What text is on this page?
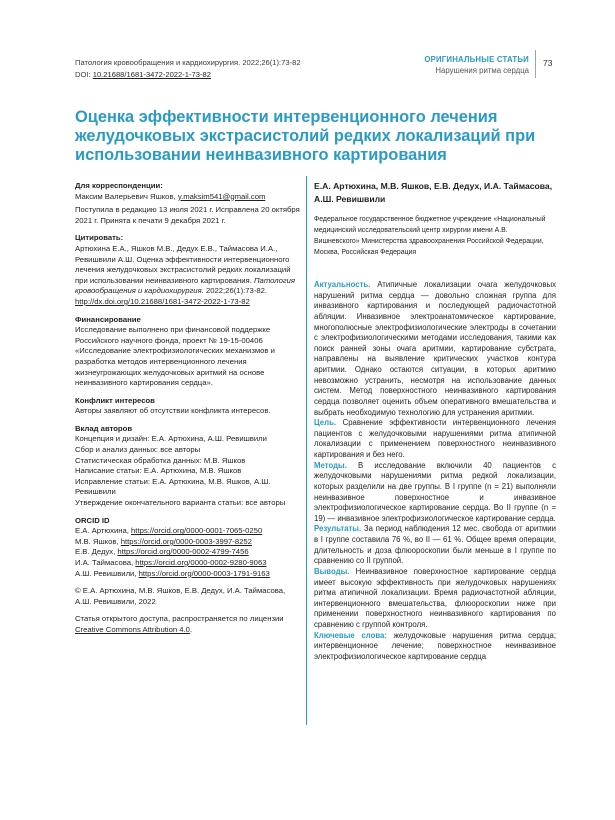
Патология кровообращения и кардиохирургия. 2022;26(1):73-82
DOI: 10.21688/1681-3472-2022-1-73-82
ОРИГИНАЛЬНЫЕ СТАТЬИ
Нарушения ритма сердца
73
Оценка эффективности интервенционного лечения желудочковых экстрасистолий редких локализаций при использовании неинвазивного картирования

Для корреспонденции:

Максим Валерьевич Яшков, y.maksim541@gmail.com

Поступила в редакцию 13 июля 2021 г. Исправлена 20 октября 2021 г. Принята к печати 9 декабря 2021 г.

Цитировать:

Артюхина Е.А., Яшков М.В., Дедух Е.В., Таймасова И.А., Ревишвили А.Ш. Оценка эффективности интервенционного лечения желудочковых экстрасистолий редких локализаций при использовании неинвазивного картирования. Патология кровообращения и кардиохирургия. 2022;26(1):73-82. http://dx.doi.org/10.21688/1681-3472-2022-1-73-82

Финансирование

Исследование выполнено при финансовой поддержке Российского научного фонда, проект № 19-15-00406 «Исследование электрофизиологических механизмов и разработка методов интервенционного лечения жизнеугрожающих желудочковых аритмий на основе неинвазивного картирования сердца».

Конфликт интересов

Авторы заявляют об отсутствии конфликта интересов.

Вклад авторов

Концепция и дизайн: Е.А. Артюхина, А.Ш. Ревишвили

Сбор и анализ данных: все авторы

Статистическая обработка данных: М.В. Яшков

Написание статьи: Е.А. Артюхина, М.В. Яшков

Исправление статьи: Е.А. Артюхина, М.В. Яшков, А.Ш. Ревишвили

Утверждение окончательного варианта статьи: все авторы

ORCID ID

Е.А. Артюхина, https://orcid.org/0000-0001-7065-0250

М.В. Яшков, https://orcid.org/0000-0003-3997-8252

Е.В. Дедух, https://orcid.org/0000-0002-4799-7456

И.А. Таймасова, https://orcid.org/0000-0002-9280-9063

А.Ш. Ревишвили, https://orcid.org/0000-0003-1791-9163

© Е.А. Артюхина, М.В. Яшков, Е.В. Дедух, И.А. Таймасова, А.Ш. Ревишвили, 2022

Статья открытого доступа, распространяется по лицензии Creative Commons Attribution 4.0.

Е.А. Артюхина, М.В. Яшков, Е.В. Дедух, И.А. Таймасова, А.Ш. Ревишвили
Федеральное государственное бюджетное учреждение «Национальный медицинский исследовательский центр хирургии имени А.В. Вишневского» Министерства здравоохранения Российской Федерации, Москва, Российская Федерация

Актуальность. Атипичные локализации очага желудочковых нарушений ритма сердца — довольно сложная группа для инвазивного картирования и последующей радиочастотной абляции. Инвазивное электроанатомическое картирование, многополюсные электрофизиологические электроды в сочетании с электрофизиологическими методами исследования, такими как поиск ранней зоны очага аритмии, картирование субстрата, направлены на выявление критических участков контура аритмии. Однако остаются ситуации, в которых аритмию невозможно устранить, несмотря на использование данных систем. Метод поверхностного неинвазивного картирования сердца позволяет оценить объем оперативного вмешательства и выбрать необходимую технологию для устранения аритмии.

Цель. Сравнение эффективности интервенционного лечения пациентов с желудочковыми нарушениями ритма атипичной локализации с применением поверхностного неинвазивного картирования и без него.

Методы. В исследование включили 40 пациентов с желудочковыми нарушениями ритма редкой локализации, которых разделили на две группы. В I группе (n = 21) выполняли неинвазивное поверхностное и инвазивное электрофизиологическое картирование сердца. Во II группе (n = 19) — инвазивное электрофизиологическое картирование сердца.

Результаты. За период наблюдения 12 мес. свобода от аритмии в I группе составила 76 %, во II — 61 %. Общее время операции, длительность и доза флюороскопии были меньше в I группе по сравнению со II группой.

Выводы. Неинвазивное поверхностное картирование сердца имеет высокую эффективность при желудочковых нарушениях ритма атипичной локализации. Время радиочастотной абляции, интервенционного вмешательства, флюороскопии ниже при применении поверхностного неинвазивного картирования по сравнению с группой контроля.

Ключевые слова: желудочковые нарушения ритма сердца; интервенционное лечение; поверхностное неинвазивное электрофизиологическое картирование сердца
